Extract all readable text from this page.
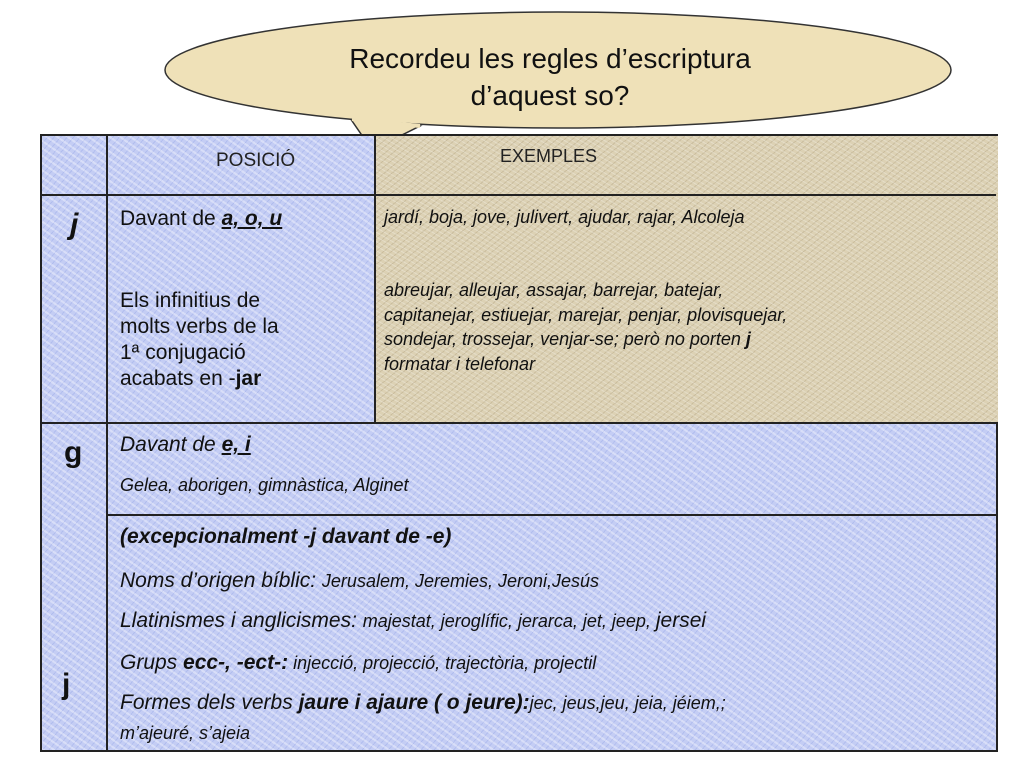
Recordeu les regles d’escriptura
d’aquest so?
POSICIÓ	EXEMPLES
j Davant de a, o, u	jardí, boja, jove, julivert, ajudar, rajar, Alcoleja
Els infinitius de
molts verbs de la
1ª conjugació
acabats en -jar
abreujar, alleujar, assajar, barrejar, batejar,
capitanejar, estiuejar, marejar, penjar, plovisquejar,
sondejar, trossejar, venjar-se; però no porten j
formatar i telefonar
g Davant de e, i
Gelea, aborigen, gimnàstica, Alginet
j
(excepcionalment -j davant de -e)
Noms d’origen bíblic: Jerusalem, Jeremies, Jeroni,Jesús
Llatinismes i anglicismes: majestat, jeroglífic, jerarca, jet, jeep, jersei
Grups ecc-, -ect-: injecció, projecció, trajectòria, projectil
Formes dels verbs jaure i ajaure ( o jeure):jec, jeus,jeu, jeia, jéiem,;
m’ajeuré, s’ajeia
